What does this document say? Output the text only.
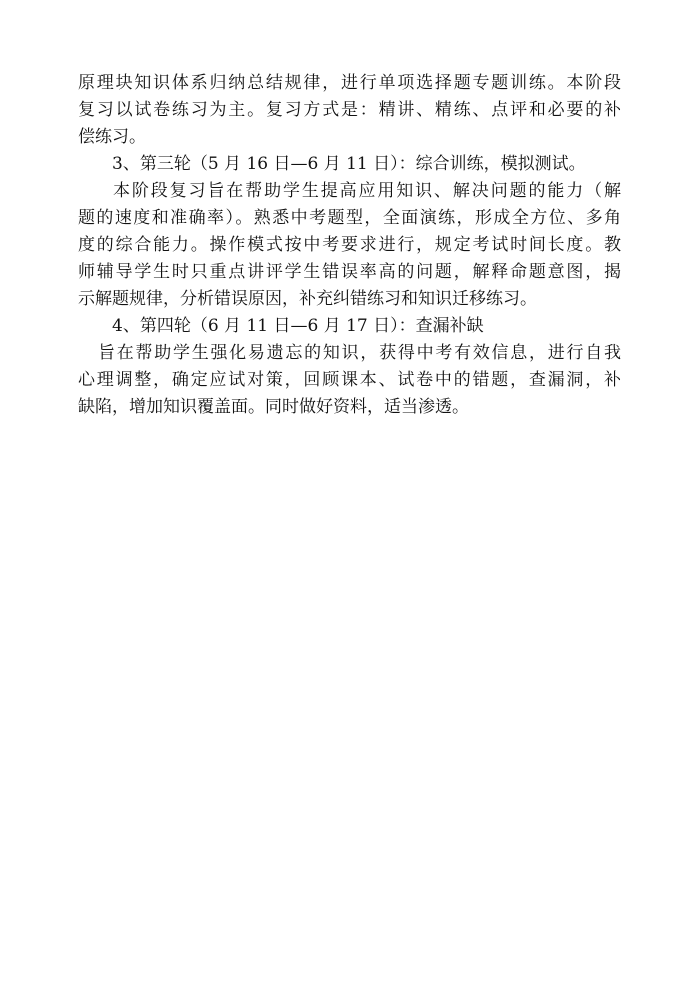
原理块知识体系归纳总结规律，进行单项选择题专题训练。本阶段
复习以试卷练习为主。复习方式是：精讲、精练、点评和必要的补
偿练习。
3、第三轮（5 月 16 日—6 月 11 日）：综合训练，模拟测试。
本阶段复习旨在帮助学生提高应用知识、解决问题的能力（解
题的速度和准确率）。熟悉中考题型，全面演练，形成全方位、多角
度的综合能力。操作模式按中考要求进行，规定考试时间长度。教
师辅导学生时只重点讲评学生错误率高的问题，解释命题意图，揭
示解题规律，分析错误原因，补充纠错练习和知识迁移练习。
4、第四轮（6 月 11 日—6 月 17 日）：查漏补缺
旨在帮助学生强化易遗忘的知识，获得中考有效信息，进行自我
心理调整，确定应试对策，回顾课本、试卷中的错题，查漏洞，补
缺陷，增加知识覆盖面。同时做好资料，适当渗透。
